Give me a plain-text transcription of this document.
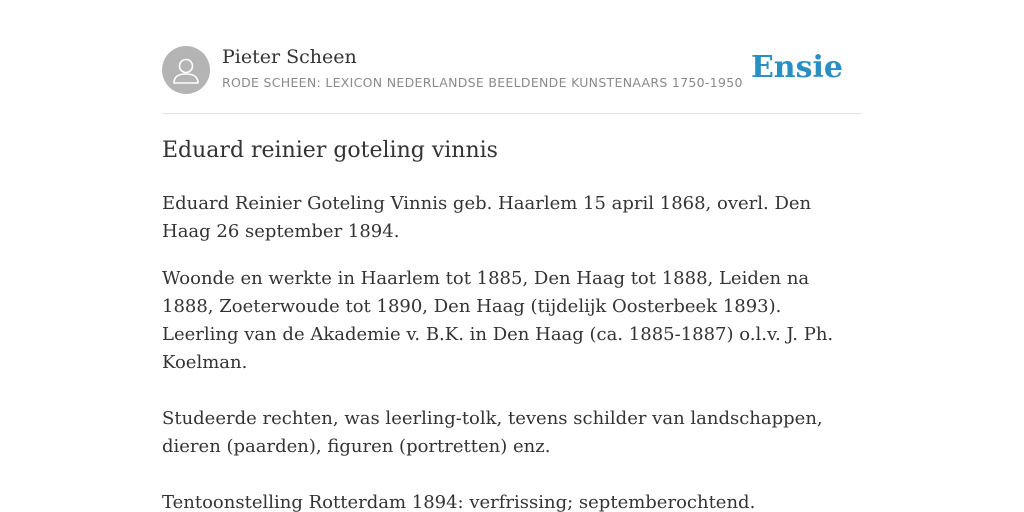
Pieter Scheen
RODE SCHEEN: LEXICON NEDERLANDSE BEELDENDE KUNSTENAARS 1750-1950 Ensie
Eduard reinier goteling vinnis

Eduard Reinier Goteling Vinnis geb. Haarlem 15 april 1868, overl. Den Haag 26 september 1894.

Woonde en werkte in Haarlem tot 1885, Den Haag tot 1888, Leiden na 1888, Zoeterwoude tot 1890, Den Haag (tijdelijk Oosterbeek 1893). Leerling van de Akademie v. B.K. in Den Haag (ca. 1885-1887) o.l.v. J. Ph. Koelman.

Studeerde rechten, was leerling-tolk, tevens schilder van landschappen, dieren (paarden), figuren (portretten) enz.

Tentoonstelling Rotterdam 1894: verfrissing; septemberochtend.
